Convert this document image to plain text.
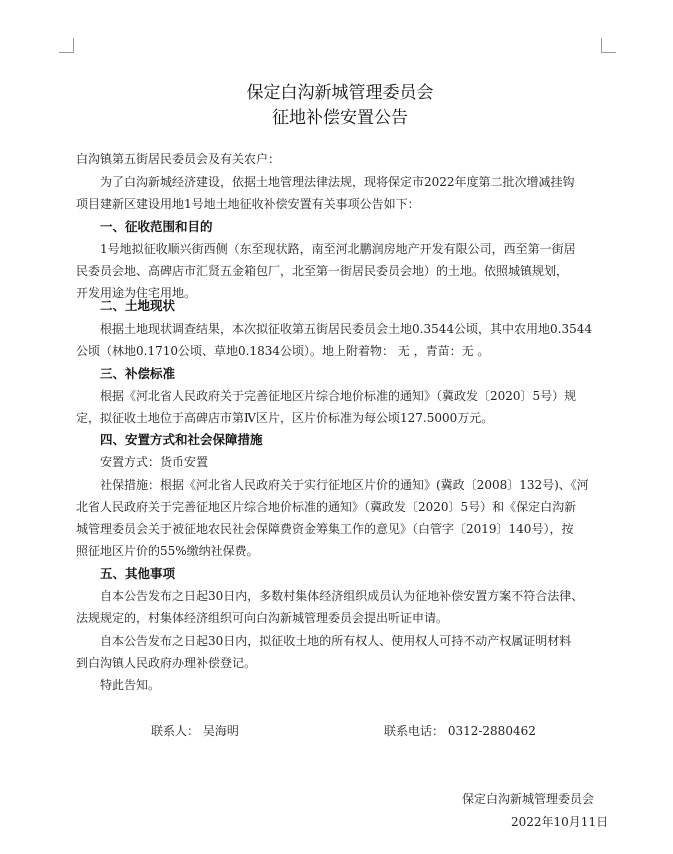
保定白沟新城管理委员会
征地补偿安置公告
白沟镇第五街居民委员会及有关农户：
为了白沟新城经济建设，依据土地管理法律法规，现将保定市2022年度第二批次增减挂钩
项目建新区建设用地1号地土地征收补偿安置有关事项公告如下：
一、征收范围和目的
1号地拟征收顺兴街西侧（东至现状路，南至河北鹏润房地产开发有限公司，西至第一街居
民委员会地、高碑店市汇贤五金箱包厂，北至第一街居民委员会地）的土地。依照城镇规划，
开发用途为住宅用地。
二、土地现状
根据土地现状调查结果，本次拟征收第五街居民委员会土地0.3544公顷，其中农用地0.3544
公顷（林地0.1710公顷、草地0.1834公顷）。地上附着物： 无 ，青苗：无 。
三、补偿标准
根据《河北省人民政府关于完善征地区片综合地价标准的通知》（冀政发〔2020〕5号）规
定，拟征收土地位于高碑店市第Ⅳ区片，区片价标准为每公顷127.5000万元。
四、安置方式和社会保障措施
安置方式：货币安置
社保措施：根据《河北省人民政府关于实行征地区片价的通知》(冀政〔2008〕132号)、《河
北省人民政府关于完善征地区片综合地价标准的通知》（冀政发〔2020〕5号）和《保定白沟新
城管理委员会关于被征地农民社会保障费资金筹集工作的意见》（白管字〔2019〕140号），按
照征地区片价的55%缴纳社保费。
五、其他事项
自本公告发布之日起30日内，多数村集体经济组织成员认为征地补偿安置方案不符合法律、
法规规定的，村集体经济组织可向白沟新城管理委员会提出听证申请。
自本公告发布之日起30日内，拟征收土地的所有权人、使用权人可持不动产权属证明材料
到白沟镇人民政府办理补偿登记。
特此告知。
联系人： 吴海明	联系电话： 0312-2880462
保定白沟新城管理委员会
2022年10月11日
